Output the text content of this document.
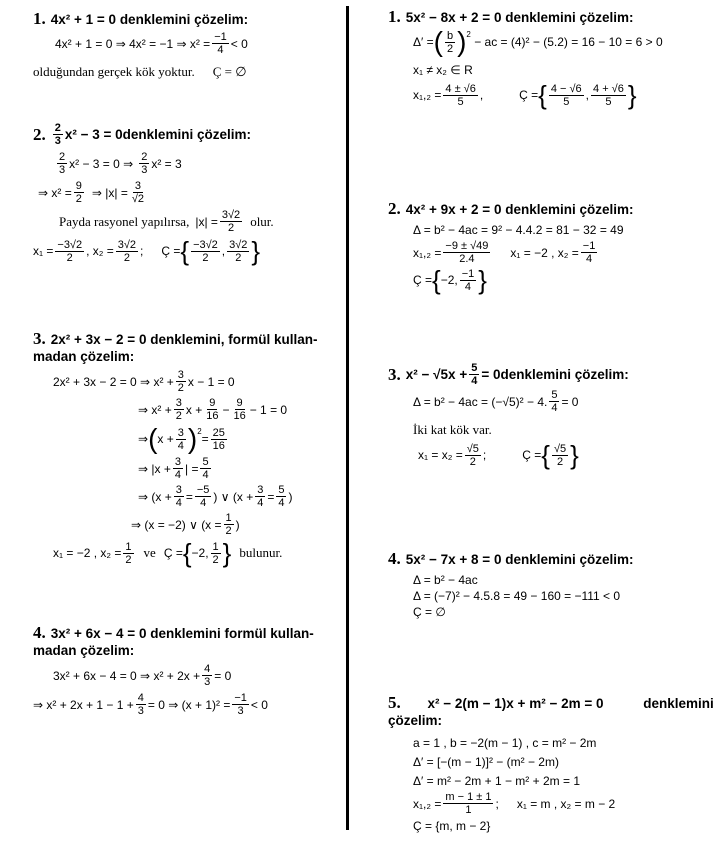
1. 4x² + 1 = 0 denklemini çözelim:
4x² + 1 = 0 ⇒ 4x² = −1 ⇒ $x^2 = \frac{-1}{4} < 0$
olduğundan gerçek kök yoktur. Ç = ∅
2. $\frac{2}{3} x^2 - 3 = 0$ denklemini çözelim:
$\frac{2}{3} x^2 - 3 = 0$ ⇒ $\frac{2}{3} x^2 = 3$
⇒ $x^2 = \frac{9}{2}$ ⇒ $|x| = \frac{3}{√2}$
Payda rasyonel yapılırsa, $|x| = \frac{3√2}{2}$ olur.
$x_1 = \frac{-3√2}{2}$ , $x_2 = \frac{3√2}{2}$ ; Ç = { $\frac{-3√2}{2}$ , $\frac{3√2}{2}$ }
3. 2x² + 3x − 2 = 0 denklemini, formül kullan-
madan çözelim:
2x² + 3x − 2 = 0 ⇒ $x^2 + \frac{3}{2}$ x − 1 = 0
⇒ $x^2 + \frac{3}{2}$ $x + \frac{9}{16} - \frac{9}{16} - 1 = 0$
⇒ ( $x + \frac{3}{4}$ ) 2
= $\frac{25}{16}$
⇒
$|x + \frac{3}{4}$ | = $\frac{5}{4}$
⇒ ($x + \frac{3}{4} = \frac{-5}{4}$ ) ∨ ($x + \frac{3}{4} = \frac{5}{4}$ )
⇒ (x = −2) ∨ ($x = \frac{1}{2}$ )
x₁ = −2 , $x_2 = \frac{1}{2}$ ve Ç = { −2, $\frac{1}{2}$ } bulunur.
4. 3x² + 6x − 4 = 0 denklemini formül kullan-
madan çözelim:
3x² + 6x − 4 = 0 ⇒ $x^2 + 2x + \frac{4}{3} = 0$
⇒ $x^2 + 2x + 1 - 1 + \frac{4}{3} = 0$ ⇒ $(x + 1)^2 = \frac{-1}{3} < 0$
1. 5x² − 8x + 2 = 0 denklemini çözelim:
Δ′ = ( $\frac{b}{2}$ ) 2

− ac = (4)² − (5.2) = 16 − 10 = 6 > 0
x₁ ≠ x₂ ∈ R
$x_1,_2 = \frac{4 \pm √6}{5}$ ,	Ç = { $\frac{4 - √6}{5}$ , $\frac{4 + √6}{5}$ }
2. 4x² + 9x + 2 = 0 denklemini çözelim:
Δ = b² − 4ac = 9² − 4.4.2 = 81 − 32 = 49
$x_1,_2 = \frac{-9 \pm √49}{2.4} x_1 = -2$ , $x_2 = \frac{-1}{4}$
Ç = { −2, $\frac{-1}{4}$ }
3. $x^2 - √5x + \frac{5}{4} = 0$ denklemini çözelim:
Δ = b² − 4ac = (−√5)² − 4. $\frac{5}{4} = 0$
İki kat kök var.
$x_1 = x_2 = \frac{√5}{2}$ ;	Ç = { $\frac{√5}{2}$ }
4. 5x² − 7x + 8 = 0 denklemini çözelim:
Δ = b² − 4ac
Δ = (−7)² − 4.5.8 = 49 − 160 = −111 < 0
Ç = ∅
5. x² − 2(m − 1)x + m² − 2m = 0	denklemini
çözelim:
a = 1 , b = −2(m − 1) , c = m² − 2m
Δ′ = [−(m − 1)]² − (m² − 2m)
Δ′ = m² − 2m + 1 − m² + 2m = 1
$x_1,_2 = \frac{m - 1 \pm 1}{1}$ ; x₁ = m , x₂ = m − 2
Ç = {m, m − 2}
